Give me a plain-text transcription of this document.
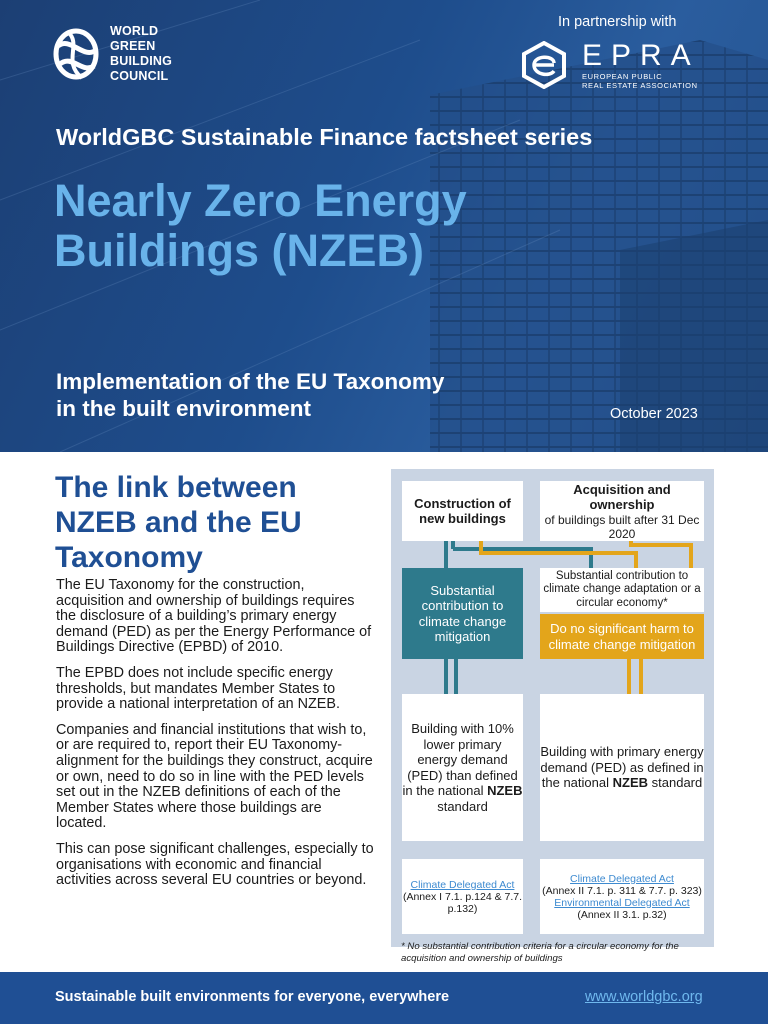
WORLD
GREEN
BUILDING
COUNCIL
In partnership with
EPRA
EUROPEAN PUBLIC
REAL ESTATE ASSOCIATION
WorldGBC Sustainable Finance factsheet series
Nearly Zero Energy
Buildings (NZEB)
Implementation of the EU Taxonomy
in the built environment	October 2023
The link between
NZEB and the EU
Taxonomy

The EU Taxonomy for the construction, acquisition and ownership of buildings requires the disclosure of a building’s primary energy demand (PED) as per the Energy Performance of Buildings Directive (EPBD) of 2010.

The EPBD does not include specific energy thresholds, but mandates Member States to provide a national interpretation of an NZEB.

Companies and financial institutions that wish to, or are required to, report their EU Taxonomy-alignment for the buildings they construct, acquire or own, need to do so in line with the PED levels set out in the NZEB definitions of each of the Member States where those buildings are located.

This can pose significant challenges, especially to organisations with economic and financial activities across several EU countries or beyond.

Construction of new buildings
Acquisition and ownership
of buildings built after 31 Dec 2020
Substantial contribution to climate change mitigation
Substantial contribution to climate change adaptation or a circular economy*
Do no significant harm to climate change mitigation
Building with 10% lower primary energy demand (PED) than defined in the national NZEB standard
Building with primary energy demand (PED) as defined in the national NZEB standard
Climate Delegated Act
(Annex I 7.1. p.124 & 7.7. p.132)
Climate Delegated Act
(Annex II 7.1. p. 311 & 7.7. p. 323)
Environmental Delegated Act
(Annex II 3.1. p.32)
* No substantial contribution criteria for a circular economy for the acquisition and ownership of buildings
Sustainable built environments for everyone, everywhere	www.worldgbc.org
